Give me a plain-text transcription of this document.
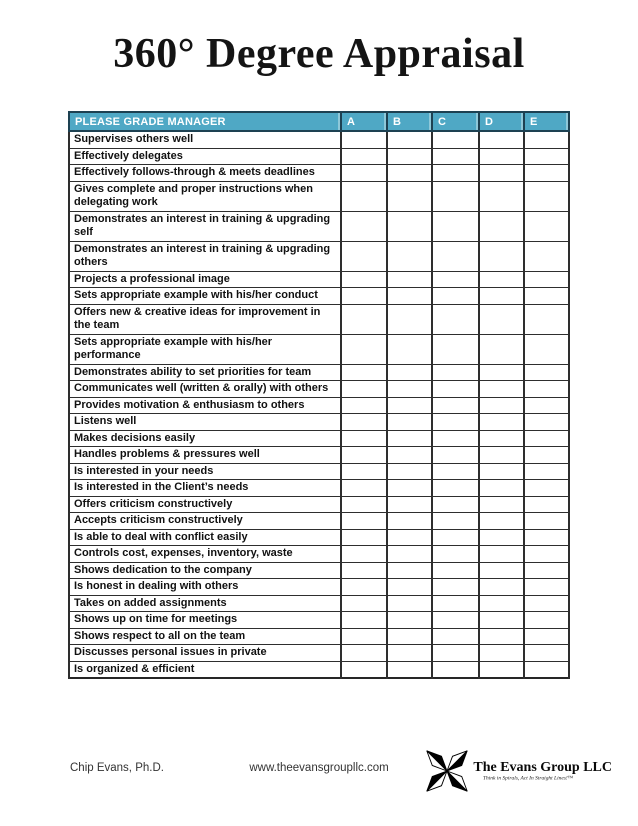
360° Degree Appraisal
PLEASE GRADE MANAGER	A	B	C	D	E
Supervises others well					
Effectively delegates					
Effectively follows-through & meets deadlines					
Gives complete and proper instructions when delegating work					
Demonstrates an interest in training & upgrading self					
Demonstrates an interest in training & upgrading others					
Projects a professional image					
Sets appropriate example with his/her conduct					
Offers new & creative ideas for improvement in the team					
Sets appropriate example with his/her performance					
Demonstrates ability to set priorities for team					
Communicates well (written & orally) with others					
Provides motivation & enthusiasm to others					
Listens well					
Makes decisions easily					
Handles problems & pressures well					
Is interested in your needs					
Is interested in the Client’s needs					
Offers criticism constructively					
Accepts criticism constructively					
Is able to deal with conflict easily					
Controls cost, expenses, inventory, waste					
Shows dedication to the company					
Is honest in dealing with others					
Takes on added assignments					
Shows up on time for meetings					
Shows respect to all on the team					
Discusses personal issues in private					
Is organized & efficient					
Chip Evans, Ph.D.	www.theevansgroupllc.com	The Evans Group LLC
Think in Spirals, Act In Straight Lines!™
